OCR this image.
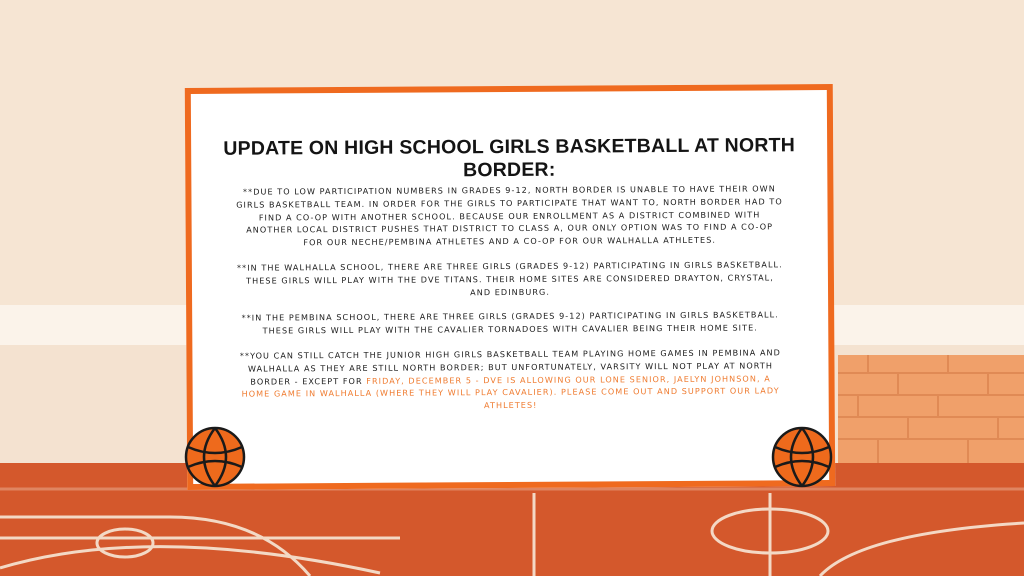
UPDATE ON HIGH SCHOOL GIRLS BASKETBALL AT NORTH BORDER:

**DUE TO LOW PARTICIPATION NUMBERS IN GRADES 9-12, NORTH BORDER IS UNABLE TO HAVE THEIR OWN GIRLS BASKETBALL TEAM. IN ORDER FOR THE GIRLS TO PARTICIPATE THAT WANT TO, NORTH BORDER HAD TO FIND A CO-OP WITH ANOTHER SCHOOL. BECAUSE OUR ENROLLMENT AS A DISTRICT COMBINED WITH ANOTHER LOCAL DISTRICT PUSHES THAT DISTRICT TO CLASS A, OUR ONLY OPTION WAS TO FIND A CO-OP FOR OUR NECHE/PEMBINA ATHLETES AND A CO-OP FOR OUR WALHALLA ATHLETES.

**IN THE WALHALLA SCHOOL, THERE ARE THREE GIRLS (GRADES 9-12) PARTICIPATING IN GIRLS BASKETBALL. THESE GIRLS WILL PLAY WITH THE DVE TITANS. THEIR HOME SITES ARE CONSIDERED DRAYTON, CRYSTAL, AND EDINBURG.

**IN THE PEMBINA SCHOOL, THERE ARE THREE GIRLS (GRADES 9-12) PARTICIPATING IN GIRLS BASKETBALL. THESE GIRLS WILL PLAY WITH THE CAVALIER TORNADOES WITH CAVALIER BEING THEIR HOME SITE.

**YOU CAN STILL CATCH THE JUNIOR HIGH GIRLS BASKETBALL TEAM PLAYING HOME GAMES IN PEMBINA AND WALHALLA AS THEY ARE STILL NORTH BORDER; BUT UNFORTUNATELY, VARSITY WILL NOT PLAY AT NORTH BORDER - EXCEPT FOR FRIDAY, DECEMBER 5 - DVE IS ALLOWING OUR LONE SENIOR, JAELYN JOHNSON, A HOME GAME IN WALHALLA (WHERE THEY WILL PLAY CAVALIER). PLEASE COME OUT AND SUPPORT OUR LADY ATHLETES!
